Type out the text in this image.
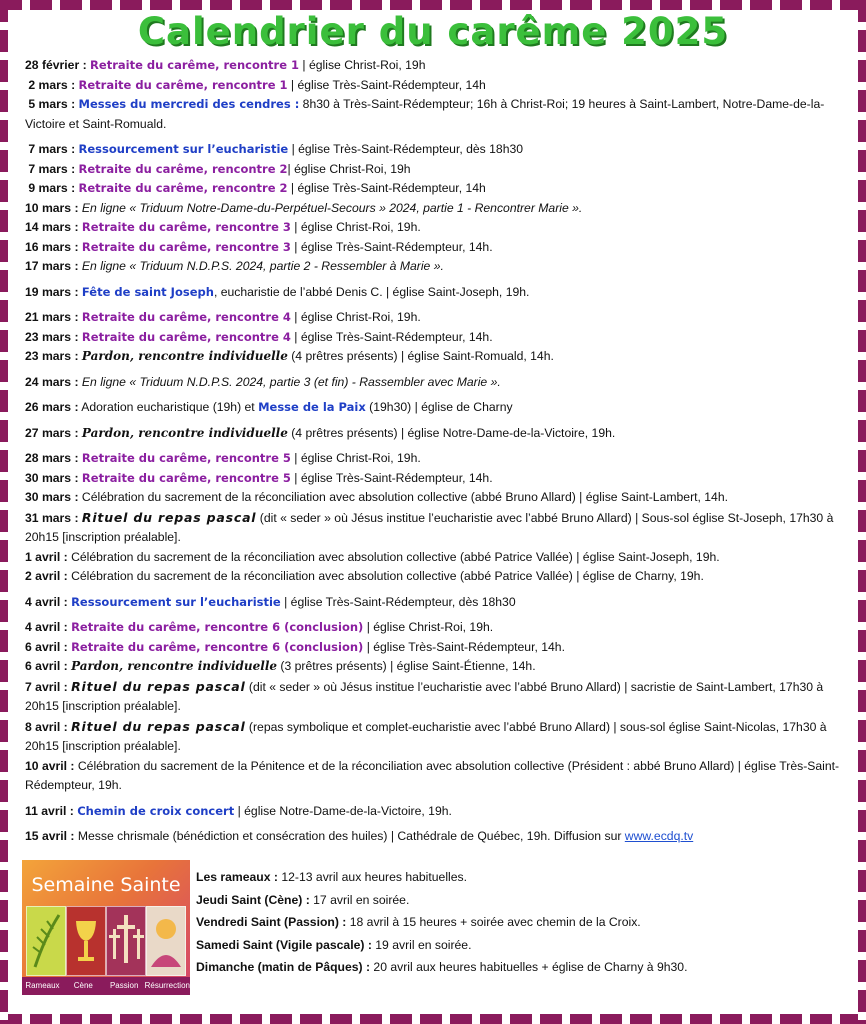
Calendrier du carême 2025

28 février : Retraite du carême, rencontre 1 | église Christ-Roi, 19h

2 mars : Retraite du carême, rencontre 1 | église Très-Saint-Rédempteur, 14h

5 mars : Messes du mercredi des cendres : 8h30 à Très-Saint-Rédempteur; 16h à Christ-Roi; 19 heures à Saint-Lambert, Notre-Dame-de-la-Victoire et Saint-Romuald.

7 mars : Ressourcement sur l’eucharistie | église Très-Saint-Rédempteur, dès 18h30

7 mars : Retraite du carême, rencontre 2| église Christ-Roi, 19h

9 mars : Retraite du carême, rencontre 2 | église Très-Saint-Rédempteur, 14h

10 mars : En ligne « Triduum Notre-Dame-du-Perpétuel-Secours » 2024, partie 1 - Rencontrer Marie ».

14 mars : Retraite du carême, rencontre 3 | église Christ-Roi, 19h.

16 mars : Retraite du carême, rencontre 3 | église Très-Saint-Rédempteur, 14h.

17 mars : En ligne « Triduum N.D.P.S. 2024, partie 2 - Ressembler à Marie ».

19 mars : Fête de saint Joseph, eucharistie de l’abbé Denis C. | église Saint-Joseph, 19h.

21 mars : Retraite du carême, rencontre 4 | église Christ-Roi, 19h.

23 mars : Retraite du carême, rencontre 4 | église Très-Saint-Rédempteur, 14h.

23 mars : Pardon, rencontre individuelle (4 prêtres présents) | église Saint-Romuald, 14h.

24 mars : En ligne « Triduum N.D.P.S. 2024, partie 3 (et fin) - Rassembler avec Marie ».

26 mars : Adoration eucharistique (19h) et Messe de la Paix (19h30) | église de Charny

27 mars : Pardon, rencontre individuelle (4 prêtres présents) | église Notre-Dame-de-la-Victoire, 19h.

28 mars : Retraite du carême, rencontre 5 | église Christ-Roi, 19h.

30 mars : Retraite du carême, rencontre 5 | église Très-Saint-Rédempteur, 14h.

30 mars : Célébration du sacrement de la réconciliation avec absolution collective (abbé Bruno Allard) | église Saint-Lambert, 14h.

31 mars : Rituel du repas pascal (dit « seder » où Jésus institue l’eucharistie avec l’abbé Bruno Allard) | Sous-sol église St-Joseph, 17h30 à 20h15 [inscription préalable].

1 avril : Célébration du sacrement de la réconciliation avec absolution collective (abbé Patrice Vallée) | église Saint-Joseph, 19h.

2 avril : Célébration du sacrement de la réconciliation avec absolution collective (abbé Patrice Vallée) | église de Charny, 19h.

4 avril : Ressourcement sur l’eucharistie | église Très-Saint-Rédempteur, dès 18h30

4 avril : Retraite du carême, rencontre 6 (conclusion) | église Christ-Roi, 19h.

6 avril : Retraite du carême, rencontre 6 (conclusion) | église Très-Saint-Rédempteur, 14h.

6 avril : Pardon, rencontre individuelle (3 prêtres présents) | église Saint-Étienne, 14h.

7 avril : Rituel du repas pascal (dit « seder » où Jésus institue l’eucharistie avec l’abbé Bruno Allard) | sacristie de Saint-Lambert, 17h30 à 20h15 [inscription préalable].

8 avril : Rituel du repas pascal (repas symbolique et complet-eucharistie avec l’abbé Bruno Allard) | sous-sol église Saint-Nicolas, 17h30 à 20h15 [inscription préalable].

10 avril : Célébration du sacrement de la Pénitence et de la réconciliation avec absolution collective (Président : abbé Bruno Allard) | église Très-Saint-Rédempteur, 19h.

11 avril : Chemin de croix concert | église Notre-Dame-de-la-Victoire, 19h.

15 avril : Messe chrismale (bénédiction et consécration des huiles) | Cathédrale de Québec, 19h. Diffusion sur www.ecdq.tv

Semaine Sainte
Rameaux	Cène	Passion Résurrection
Les rameaux : 12-13 avril aux heures habituelles.
Jeudi Saint (Cène) : 17 avril en soirée.
Vendredi Saint (Passion) : 18 avril à 15 heures + soirée avec chemin de la Croix.
Samedi Saint (Vigile pascale) : 19 avril en soirée.
Dimanche (matin de Pâques) : 20 avril aux heures habituelles + église de Charny à 9h30.
